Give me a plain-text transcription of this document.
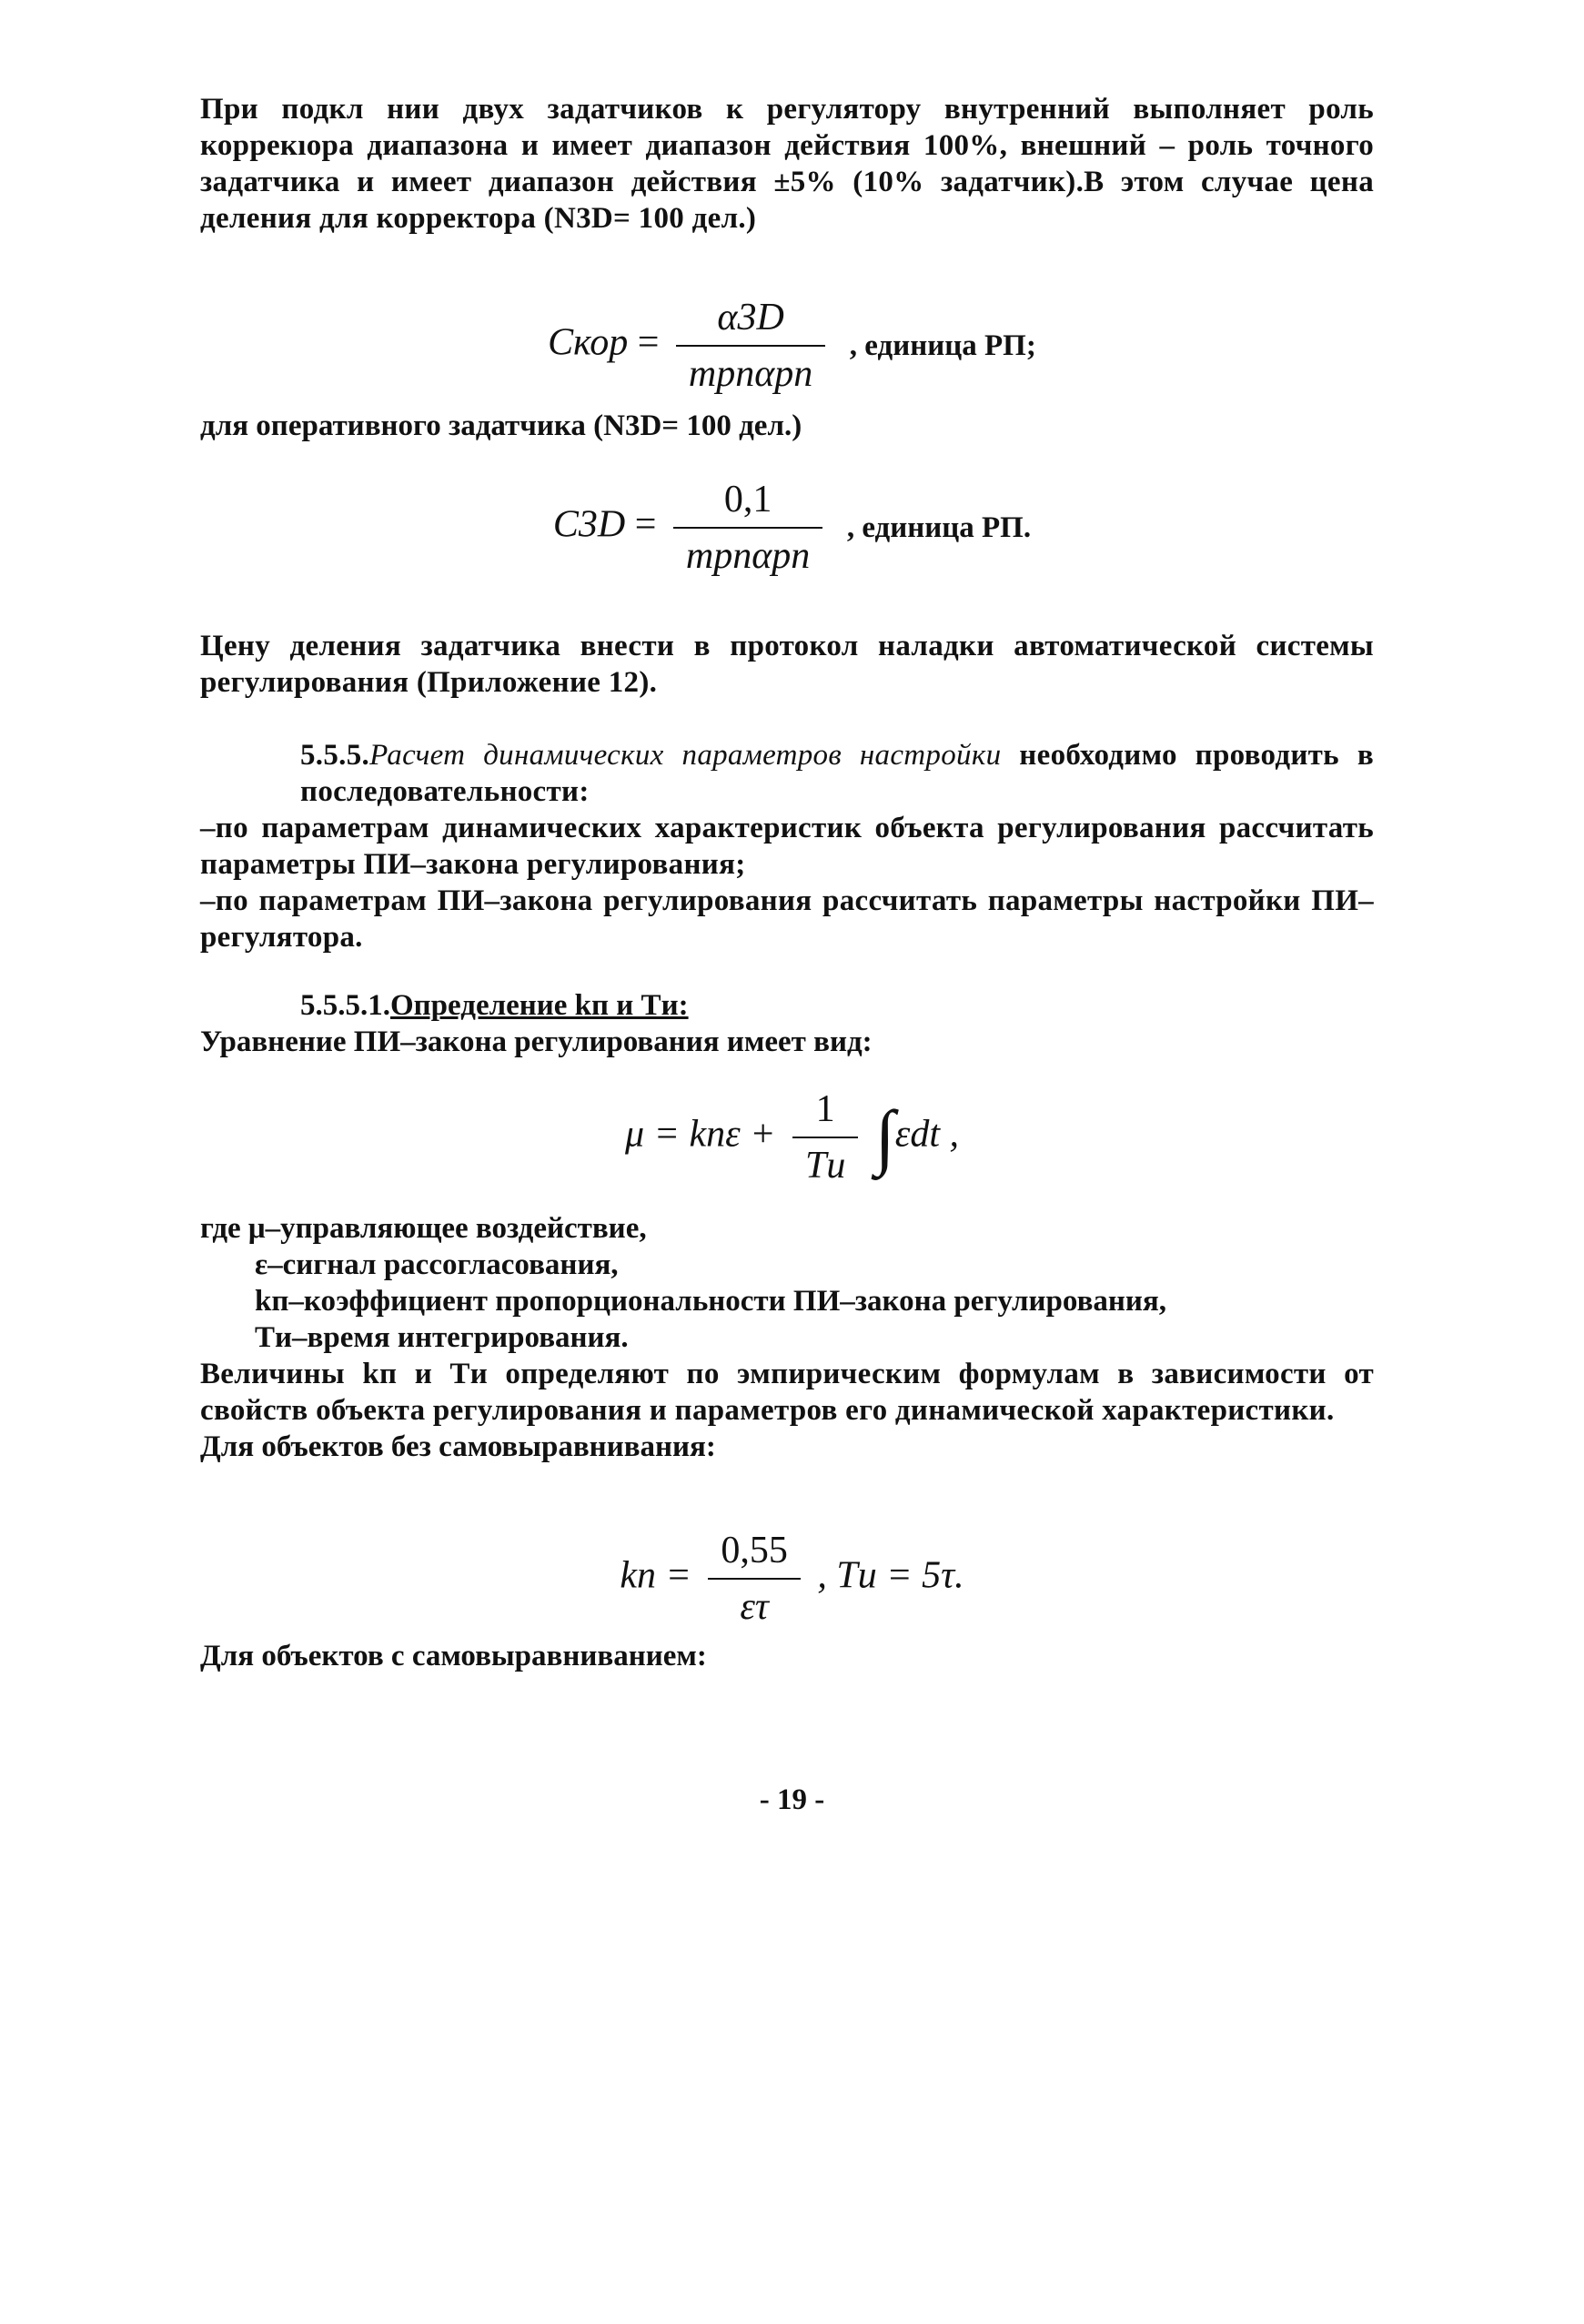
При подкл нии двух задатчиков к регулятору внутренний выполняет роль коррекıора диапазона и имеет диапазон действия 100%, внешний – роль точного задатчика и имеет диапазон действия ±5% (10% задатчик).В этом случае цена деления для корректора (N3D= 100 дел.)

Cкор = $\frac{\alpha 3D}{\text{mрпαрп}}$ , единица РП;

для оперативного задатчика (N3D= 100 дел.)

$C3D = \frac{0,1}{\text{mрпαрп}}$ , единица РП.

Цену деления задатчика внести в протокол наладки автоматической системы регулирования (Приложение 12).

5.5.5.Расчет динамических параметров настройки необходимо проводить в последовательности:

–по параметрам динамических характеристик объекта регулирования рассчитать параметры ПИ–закона регулирования;

–по параметрам ПИ–закона регулирования рассчитать параметры настройки ПИ–регулятора.

5.5.5.1.Определение kп и Tи:

Уравнение ПИ–закона регулирования имеет вид:

$\mu = kп\varepsilon + \frac{1}{Tи} \int\varepsilon dt$ ,

где μ–управляющее воздействие,

ε–сигнал рассогласования,

kп–коэффициент пропорциональности ПИ–закона регулирования,

Tи–время интегрирования.

Величины kп и Tи определяют по эмпирическим формулам в зависимости от свойств объекта регулирования и параметров его динамической характеристики.

Для объектов без самовыравнивания:

kп = $\frac{0,55}{\varepsilon\tau}$ , Tи = 5τ.

Для объектов с самовыравниванием:

- 19 -
